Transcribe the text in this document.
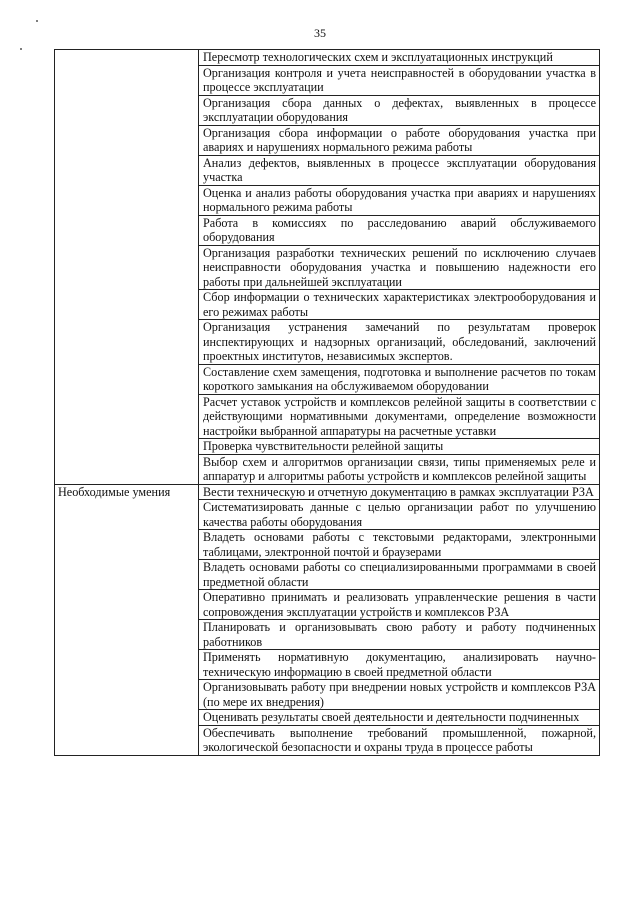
35
	Пересмотр технологических схем и эксплуатационных инструкций
	Организация контроля и учета неисправностей в оборудовании участка в процессе эксплуатации
	Организация сбора данных о дефектах, выявленных в процессе эксплуатации оборудования
	Организация сбора информации о работе оборудования участка при авариях и нарушениях нормального режима работы
	Анализ дефектов, выявленных в процессе эксплуатации оборудования участка
	Оценка и анализ работы оборудования участка при авариях и нарушениях нормального режима работы
	Работа в комиссиях по расследованию аварий обслуживаемого оборудования
	Организация разработки технических решений по исключению случаев неисправности оборудования участка и повышению надежности его работы при дальнейшей эксплуатации
	Сбор информации о технических характеристиках электрооборудования и его режимах работы
	Организация устранения замечаний по результатам проверок инспектирующих и надзорных организаций, обследований, заключений проектных институтов, независимых экспертов.
	Составление схем замещения, подготовка и выполнение расчетов по токам короткого замыкания на обслуживаемом оборудовании
	Расчет уставок устройств и комплексов релейной защиты в соответствии с действующими нормативными документами, определение возможности настройки выбранной аппаратуры на расчетные уставки
	Проверка чувствительности релейной защиты
	Выбор схем и алгоритмов организации связи, типы применяемых реле и аппаратур и алгоритмы работы устройств и комплексов релейной защиты
Необходимые умения	Вести техническую и отчетную документацию в рамках эксплуатации РЗА
	Систематизировать данные с целью организации работ по улучшению качества работы оборудования
	Владеть основами работы с текстовыми редакторами, электронными таблицами, электронной почтой и браузерами
	Владеть основами работы со специализированными программами в своей предметной области
	Оперативно принимать и реализовать управленческие решения в части сопровождения эксплуатации устройств и комплексов РЗА
	Планировать и организовывать свою работу и работу подчиненных работников
	Применять нормативную документацию, анализировать научно-техническую информацию в своей предметной области
	Организовывать работу при внедрении новых устройств и комплексов РЗА (по мере их внедрения)
	Оценивать результаты своей деятельности и деятельности подчиненных
	Обеспечивать выполнение требований промышленной, пожарной, экологической безопасности и охраны труда в процессе работы
